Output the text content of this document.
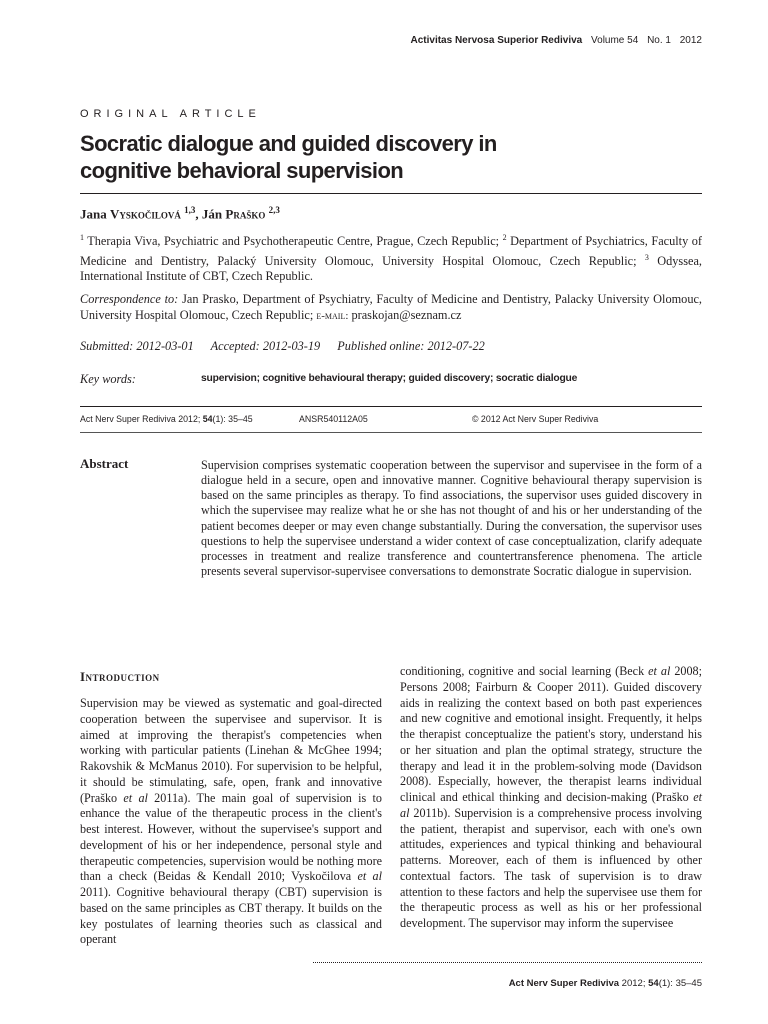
Activitas Nervosa Superior Rediviva Volume 54 No. 1 2012
ORIGINAL ARTICLE
Socratic dialogue and guided discovery in
cognitive behavioral supervision
Jana Vyskočilová $^{1,3}$, Ján Praško $^{2,3}$
$^1$ Therapia Viva, Psychiatric and Psychotherapeutic Centre, Prague, Czech Republic; $^2$ Department of Psychiatrics, Faculty of Medicine and Dentistry, Palacký University Olomouc, University Hospital Olomouc, Czech Republic; $^3$ Odyssea, International Institute of CBT, Czech Republic.
Correspondence to: Jan Prasko, Department of Psychiatry, Faculty of Medicine and Dentistry, Palacky University Olomouc, University Hospital Olomouc, Czech Republic; e-mail: praskojan@seznam.cz
Submitted: 2012-03-01 Accepted: 2012-03-19 Published online: 2012-07-22
Key words:	supervision; cognitive behavioural therapy; guided discovery; socratic dialogue
Act Nerv Super Rediviva 2012; 54(1): 35–45	ANSR540112A05	© 2012 Act Nerv Super Rediviva
Abstract	Supervision comprises systematic cooperation between the supervisor and supervisee in the form of a dialogue held in a secure, open and innovative manner. Cognitive behavioural therapy supervision is based on the same principles as therapy. To find associations, the supervisor uses guided discovery in which the supervisee may realize what he or she has not thought of and his or her understanding of the patient becomes deeper or may even change substantially. During the conversation, the supervisor uses questions to help the supervisee understand a wider context of case conceptualization, clarify adequate processes in treatment and realize transference and countertransference phenomena. The article presents several supervisor-supervisee conversations to demonstrate Socratic dialogue in supervision.

Introduction

Supervision may be viewed as systematic and goal-directed cooperation between the supervisee and supervisor. It is aimed at improving the therapist's competencies when working with particular patients (Linehan & McGhee 1994; Rakovshik & McManus 2010). For supervision to be helpful, it should be stimulating, safe, open, frank and innovative (Praško et al 2011a). The main goal of supervision is to enhance the value of the therapeutic process in the client's best interest. However, without the supervisee's support and development of his or her independence, personal style and therapeutic competencies, supervision would be nothing more than a check (Beidas & Kendall 2010; Vyskočilova et al 2011). Cognitive behavioural therapy (CBT) supervision is based on the same principles as CBT therapy. It builds on the key postulates of learning theories such as classical and operant

conditioning, cognitive and social learning (Beck et al 2008; Persons 2008; Fairburn & Cooper 2011). Guided discovery aids in realizing the context based on both past experiences and new cognitive and emotional insight. Frequently, it helps the therapist conceptualize the patient's story, understand his or her situation and plan the optimal strategy, structure the therapy and lead it in the problem-solving mode (Davidson 2008). Especially, however, the therapist learns individual clinical and ethical thinking and decision-making (Praško et al 2011b). Supervision is a comprehensive process involving the patient, therapist and supervisor, each with one's own attitudes, experiences and typical thinking and behavioural patterns. Moreover, each of them is influenced by other contextual factors. The task of supervision is to draw attention to these factors and help the supervisee use them for the therapeutic process as well as his or her professional development. The supervisor may inform the supervisee

Act Nerv Super Rediviva 2012; 54(1): 35–45
